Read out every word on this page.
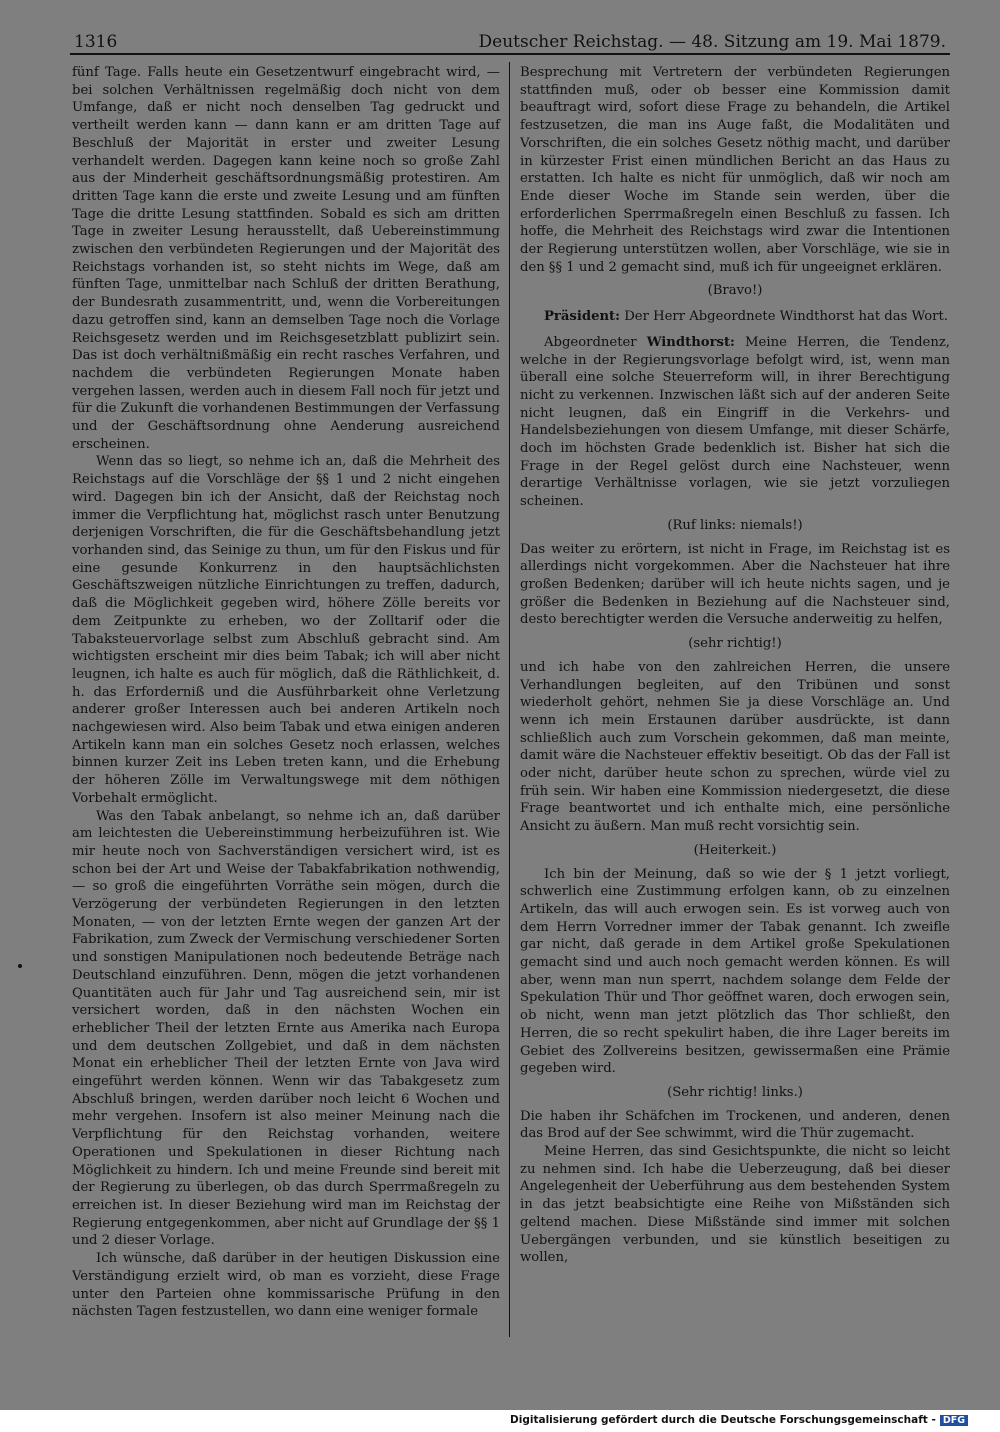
1316	Deutscher Reichstag. — 48. Sitzung am 19. Mai 1879.

fünf Tage. Falls heute ein Gesetzentwurf eingebracht wird, — bei solchen Verhältnissen regelmäßig doch nicht von dem Umfange, daß er nicht noch denselben Tag gedruckt und vertheilt werden kann — dann kann er am dritten Tage auf Beschluß der Majorität in erster und zweiter Lesung verhandelt werden. Dagegen kann keine noch so große Zahl aus der Minderheit geschäftsordnungsmäßig protestiren. Am dritten Tage kann die erste und zweite Lesung und am fünften Tage die dritte Lesung stattfinden. Sobald es sich am dritten Tage in zweiter Lesung herausstellt, daß Uebereinstimmung zwischen den verbündeten Regierungen und der Majorität des Reichstags vorhanden ist, so steht nichts im Wege, daß am fünften Tage, unmittelbar nach Schluß der dritten Berathung, der Bundesrath zusammentritt, und, wenn die Vorbereitungen dazu getroffen sind, kann an demselben Tage noch die Vorlage Reichsgesetz werden und im Reichsgesetzblatt publizirt sein. Das ist doch verhältnißmäßig ein recht rasches Verfahren, und nachdem die verbündeten Regierungen Monate haben vergehen lassen, werden auch in diesem Fall noch für jetzt und für die Zukunft die vorhandenen Bestimmungen der Verfassung und der Geschäftsordnung ohne Aenderung ausreichend erscheinen.

Wenn das so liegt, so nehme ich an, daß die Mehrheit des Reichstags auf die Vorschläge der §§ 1 und 2 nicht eingehen wird. Dagegen bin ich der Ansicht, daß der Reichstag noch immer die Verpflichtung hat, möglichst rasch unter Benutzung derjenigen Vorschriften, die für die Geschäftsbehandlung jetzt vorhanden sind, das Seinige zu thun, um für den Fiskus und für eine gesunde Konkurrenz in den hauptsächlichsten Geschäftszweigen nützliche Einrichtungen zu treffen, dadurch, daß die Möglichkeit gegeben wird, höhere Zölle bereits vor dem Zeitpunkte zu erheben, wo der Zolltarif oder die Tabaksteuervorlage selbst zum Abschluß gebracht sind. Am wichtigsten erscheint mir dies beim Tabak; ich will aber nicht leugnen, ich halte es auch für möglich, daß die Räthlichkeit, d. h. das Erforderniß und die Ausführbarkeit ohne Verletzung anderer großer Interessen auch bei anderen Artikeln noch nachgewiesen wird. Also beim Tabak und etwa einigen anderen Artikeln kann man ein solches Gesetz noch erlassen, welches binnen kurzer Zeit ins Leben treten kann, und die Erhebung der höheren Zölle im Verwaltungswege mit dem nöthigen Vorbehalt ermöglicht.

Was den Tabak anbelangt, so nehme ich an, daß darüber am leichtesten die Uebereinstimmung herbeizuführen ist. Wie mir heute noch von Sachverständigen versichert wird, ist es schon bei der Art und Weise der Tabakfabrikation nothwendig, — so groß die eingeführten Vorräthe sein mögen, durch die Verzögerung der verbündeten Regierungen in den letzten Monaten, — von der letzten Ernte wegen der ganzen Art der Fabrikation, zum Zweck der Vermischung verschiedener Sorten und sonstigen Manipulationen noch bedeutende Beträge nach Deutschland einzuführen. Denn, mögen die jetzt vorhandenen Quantitäten auch für Jahr und Tag ausreichend sein, mir ist versichert worden, daß in den nächsten Wochen ein erheblicher Theil der letzten Ernte aus Amerika nach Europa und dem deutschen Zollgebiet, und daß in dem nächsten Monat ein erheblicher Theil der letzten Ernte von Java wird eingeführt werden können. Wenn wir das Tabakgesetz zum Abschluß bringen, werden darüber noch leicht 6 Wochen und mehr vergehen. Insofern ist also meiner Meinung nach die Verpflichtung für den Reichstag vorhanden, weitere Operationen und Spekulationen in dieser Richtung nach Möglichkeit zu hindern. Ich und meine Freunde sind bereit mit der Regierung zu überlegen, ob das durch Sperrmaßregeln zu erreichen ist. In dieser Beziehung wird man im Reichstag der Regierung entgegenkommen, aber nicht auf Grundlage der §§ 1 und 2 dieser Vorlage.

Ich wünsche, daß darüber in der heutigen Diskussion eine Verständigung erzielt wird, ob man es vorzieht, diese Frage unter den Parteien ohne kommissarische Prüfung in den nächsten Tagen festzustellen, wo dann eine weniger formale

Besprechung mit Vertretern der verbündeten Regierungen stattfinden muß, oder ob besser eine Kommission damit beauftragt wird, sofort diese Frage zu behandeln, die Artikel festzusetzen, die man ins Auge faßt, die Modalitäten und Vorschriften, die ein solches Gesetz nöthig macht, und darüber in kürzester Frist einen mündlichen Bericht an das Haus zu erstatten. Ich halte es nicht für unmöglich, daß wir noch am Ende dieser Woche im Stande sein werden, über die erforderlichen Sperrmaßregeln einen Beschluß zu fassen. Ich hoffe, die Mehrheit des Reichstags wird zwar die Intentionen der Regierung unterstützen wollen, aber Vorschläge, wie sie in den §§ 1 und 2 gemacht sind, muß ich für ungeeignet erklären.

(Bravo!)

Präsident: Der Herr Abgeordnete Windthorst hat das Wort.

Abgeordneter Windthorst: Meine Herren, die Tendenz, welche in der Regierungsvorlage befolgt wird, ist, wenn man überall eine solche Steuerreform will, in ihrer Berechtigung nicht zu verkennen. Inzwischen läßt sich auf der anderen Seite nicht leugnen, daß ein Eingriff in die Verkehrs- und Handelsbeziehungen von diesem Umfange, mit dieser Schärfe, doch im höchsten Grade bedenklich ist. Bisher hat sich die Frage in der Regel gelöst durch eine Nachsteuer, wenn derartige Verhältnisse vorlagen, wie sie jetzt vorzuliegen scheinen.

(Ruf links: niemals!)

Das weiter zu erörtern, ist nicht in Frage, im Reichstag ist es allerdings nicht vorgekommen. Aber die Nachsteuer hat ihre großen Bedenken; darüber will ich heute nichts sagen, und je größer die Bedenken in Beziehung auf die Nachsteuer sind, desto berechtigter werden die Versuche anderweitig zu helfen,

(sehr richtig!)

und ich habe von den zahlreichen Herren, die unsere Verhandlungen begleiten, auf den Tribünen und sonst wiederholt gehört, nehmen Sie ja diese Vorschläge an. Und wenn ich mein Erstaunen darüber ausdrückte, ist dann schließlich auch zum Vorschein gekommen, daß man meinte, damit wäre die Nachsteuer effektiv beseitigt. Ob das der Fall ist oder nicht, darüber heute schon zu sprechen, würde viel zu früh sein. Wir haben eine Kommission niedergesetzt, die diese Frage beantwortet und ich enthalte mich, eine persönliche Ansicht zu äußern. Man muß recht vorsichtig sein.

(Heiterkeit.)

Ich bin der Meinung, daß so wie der § 1 jetzt vorliegt, schwerlich eine Zustimmung erfolgen kann, ob zu einzelnen Artikeln, das will auch erwogen sein. Es ist vorweg auch von dem Herrn Vorredner immer der Tabak genannt. Ich zweifle gar nicht, daß gerade in dem Artikel große Spekulationen gemacht sind und auch noch gemacht werden können. Es will aber, wenn man nun sperrt, nachdem solange dem Felde der Spekulation Thür und Thor geöffnet waren, doch erwogen sein, ob nicht, wenn man jetzt plötzlich das Thor schließt, den Herren, die so recht spekulirt haben, die ihre Lager bereits im Gebiet des Zollvereins besitzen, gewissermaßen eine Prämie gegeben wird.

(Sehr richtig! links.)

Die haben ihr Schäfchen im Trockenen, und anderen, denen das Brod auf der See schwimmt, wird die Thür zugemacht.

Meine Herren, das sind Gesichtspunkte, die nicht so leicht zu nehmen sind. Ich habe die Ueberzeugung, daß bei dieser Angelegenheit der Ueberführung aus dem bestehenden System in das jetzt beabsichtigte eine Reihe von Mißständen sich geltend machen. Diese Mißstände sind immer mit solchen Uebergängen verbunden, und sie künstlich beseitigen zu wollen,

Digitalisierung gefördert durch die Deutsche Forschungsgemeinschaft - DFG
